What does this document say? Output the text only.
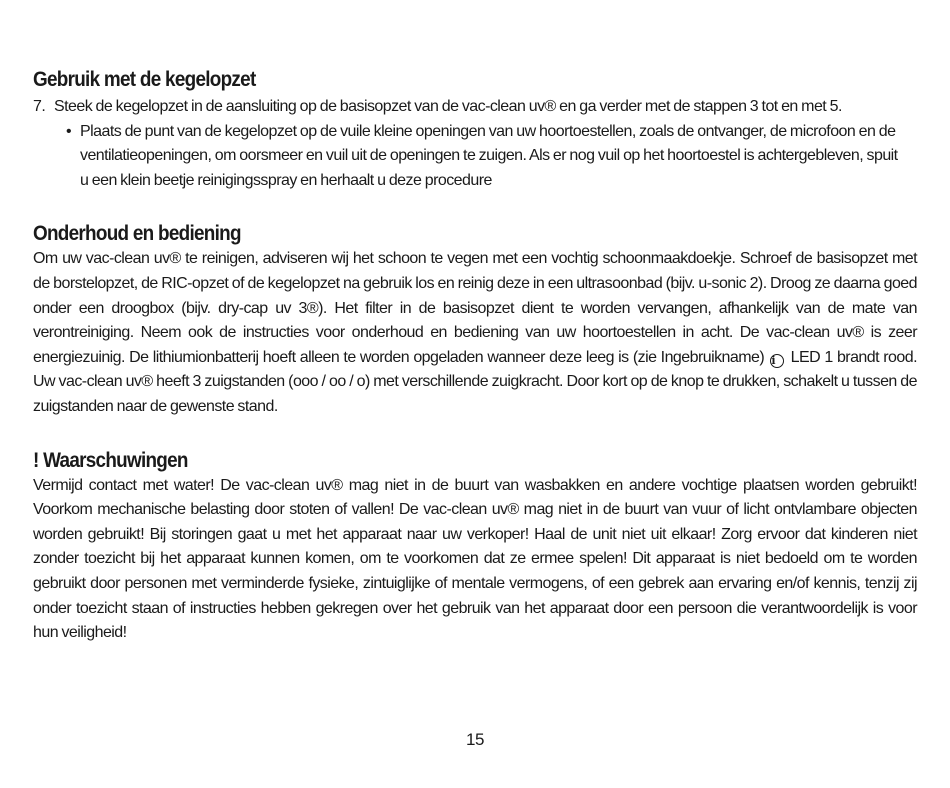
Gebruik met de kegelopzet
7. Steek de kegelopzet in de aansluiting op de basisopzet van de vac-clean uv® en ga verder met de stappen 3 tot en met 5.
• Plaats de punt van de kegelopzet op de vuile kleine openingen van uw hoortoestellen, zoals de ontvanger, de microfoon en de ventilatieopeningen, om oorsmeer en vuil uit de openingen te zuigen. Als er nog vuil op het hoortoestel is achtergebleven, spuit u een klein beetje reinigingsspray en herhaalt u deze procedure
Onderhoud en bediening

Om uw vac-clean uv® te reinigen, adviseren wij het schoon te vegen met een vochtig schoonmaakdoekje. Schroef de basisopzet met de borstelopzet, de RIC-opzet of de kegelopzet na gebruik los en reinig deze in een ultrasoonbad (bijv. u-sonic 2). Droog ze daarna goed onder een droogbox (bijv. dry-cap uv 3®). Het filter in de basisopzet dient te worden vervangen, afhankelijk van de mate van verontreiniging. Neem ook de instructies voor onderhoud en bediening van uw hoortoestellen in acht. De vac-clean uv® is zeer energiezuinig. De lithiumionbatterij hoeft alleen te worden opgeladen wanneer deze leeg is (zie Ingebruikname) i LED 1 brandt rood. Uw vac-clean uv® heeft 3 zuigstanden (ooo / oo / o) met verschillende zuigkracht. Door kort op de knop te drukken, schakelt u tussen de zuigstanden naar de gewenste stand.

! Waarschuwingen

Vermijd contact met water! De vac-clean uv® mag niet in de buurt van wasbakken en andere vochtige plaatsen worden gebruikt! Voorkom mechanische belasting door stoten of vallen! De vac-clean uv® mag niet in de buurt van vuur of licht ontvlambare objecten worden gebruikt! Bij storingen gaat u met het apparaat naar uw verkoper! Haal de unit niet uit elkaar! Zorg ervoor dat kinderen niet zonder toezicht bij het apparaat kunnen komen, om te voorkomen dat ze ermee spelen! Dit apparaat is niet bedoeld om te worden gebruikt door personen met verminderde fysieke, zintuiglijke of mentale vermogens, of een gebrek aan ervaring en/of kennis, tenzij zij onder toezicht staan of instructies hebben gekregen over het gebruik van het apparaat door een persoon die verantwoordelijk is voor hun veiligheid!

15
